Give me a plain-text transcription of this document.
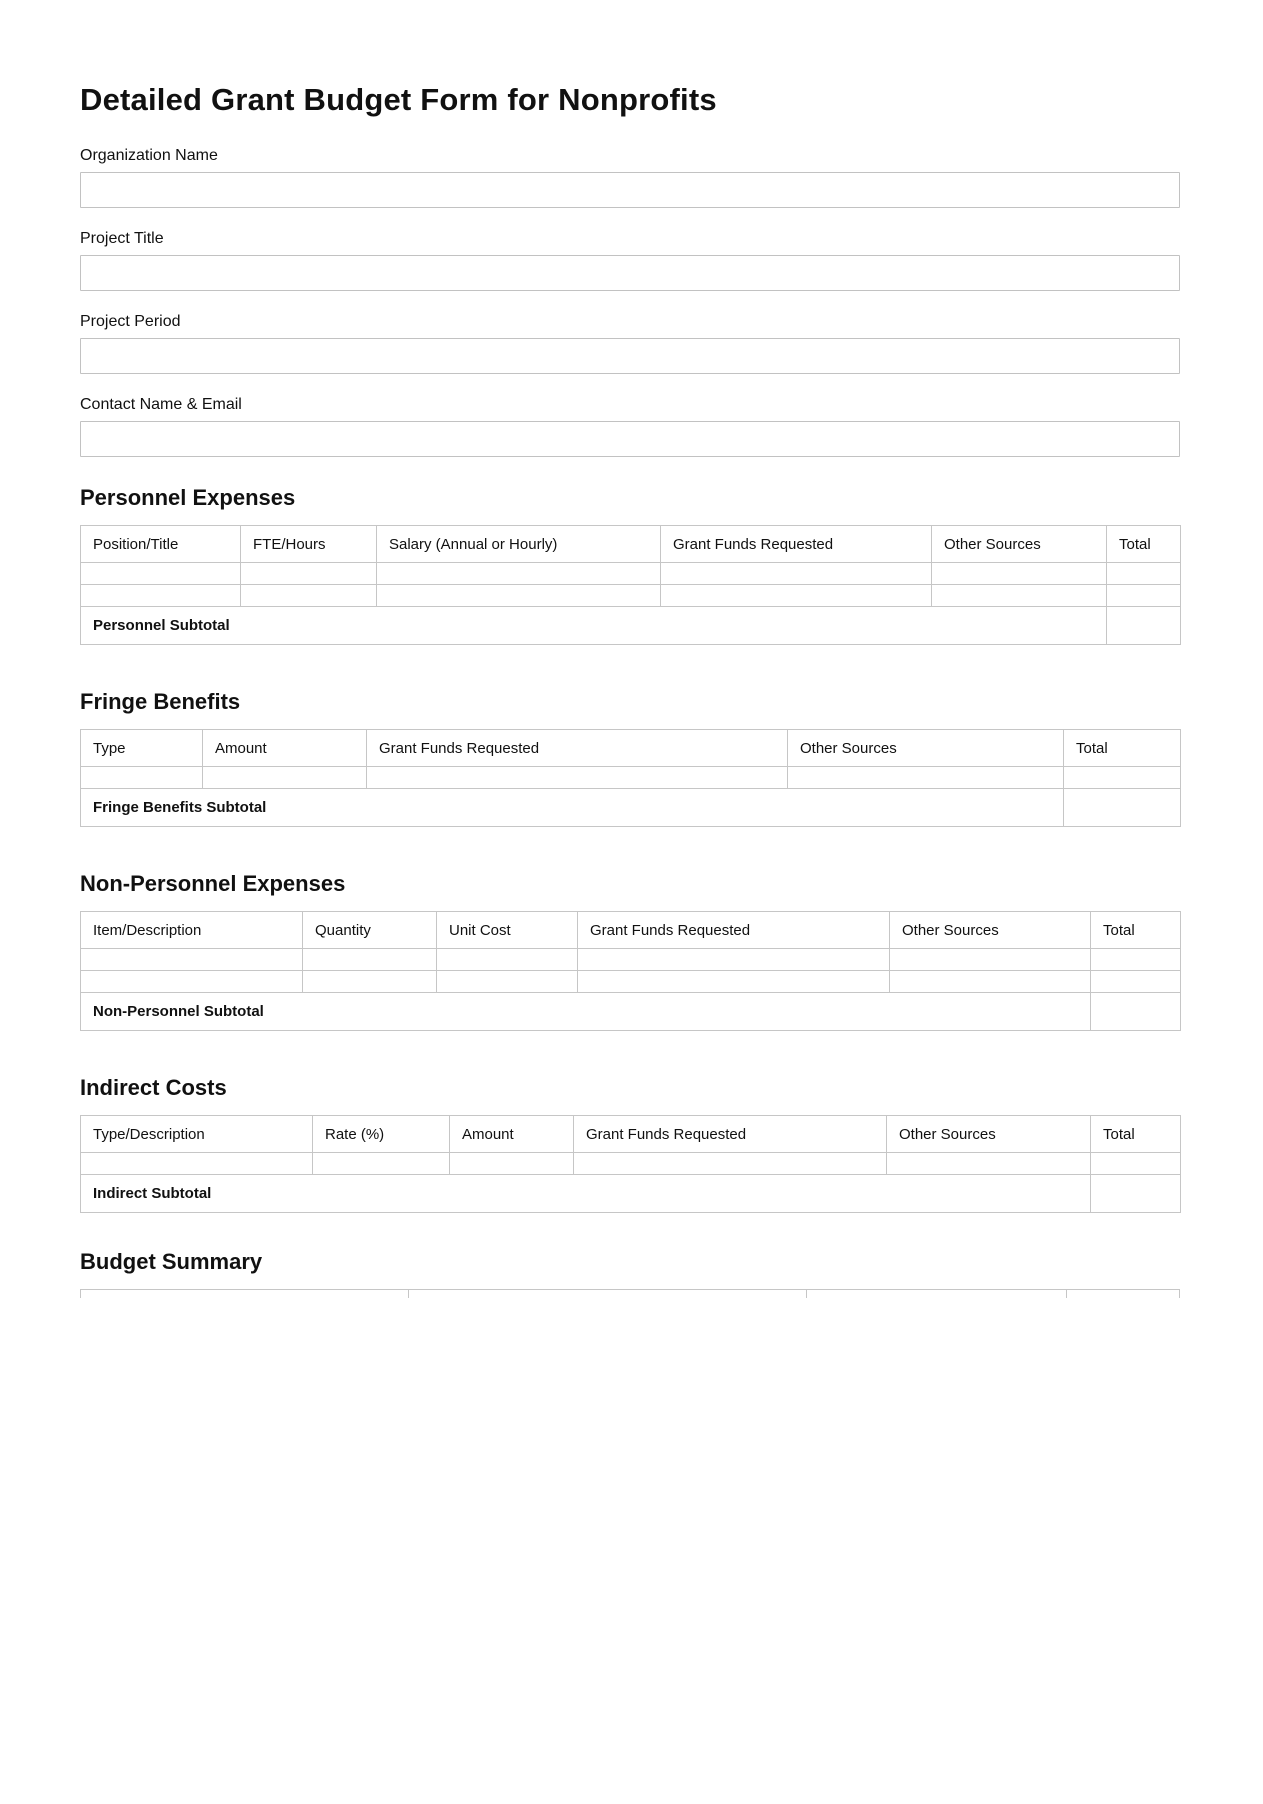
Detailed Grant Budget Form for Nonprofits
Organization Name
Project Title
Project Period
Contact Name & Email
Personnel Expenses
Position/Title	FTE/Hours	Salary (Annual or Hourly)	Grant Funds Requested	Other Sources	Total

Personnel Subtotal					
Fringe Benefits
Type	Amount	Grant Funds Requested	Other Sources	Total

Fringe Benefits Subtotal				
Non-Personnel Expenses
Item/Description	Quantity	Unit Cost	Grant Funds Requested	Other Sources	Total

Non-Personnel Subtotal					
Indirect Costs
Type/Description	Rate (%)	Amount	Grant Funds Requested	Other Sources	Total

Indirect Subtotal					
Budget Summary
